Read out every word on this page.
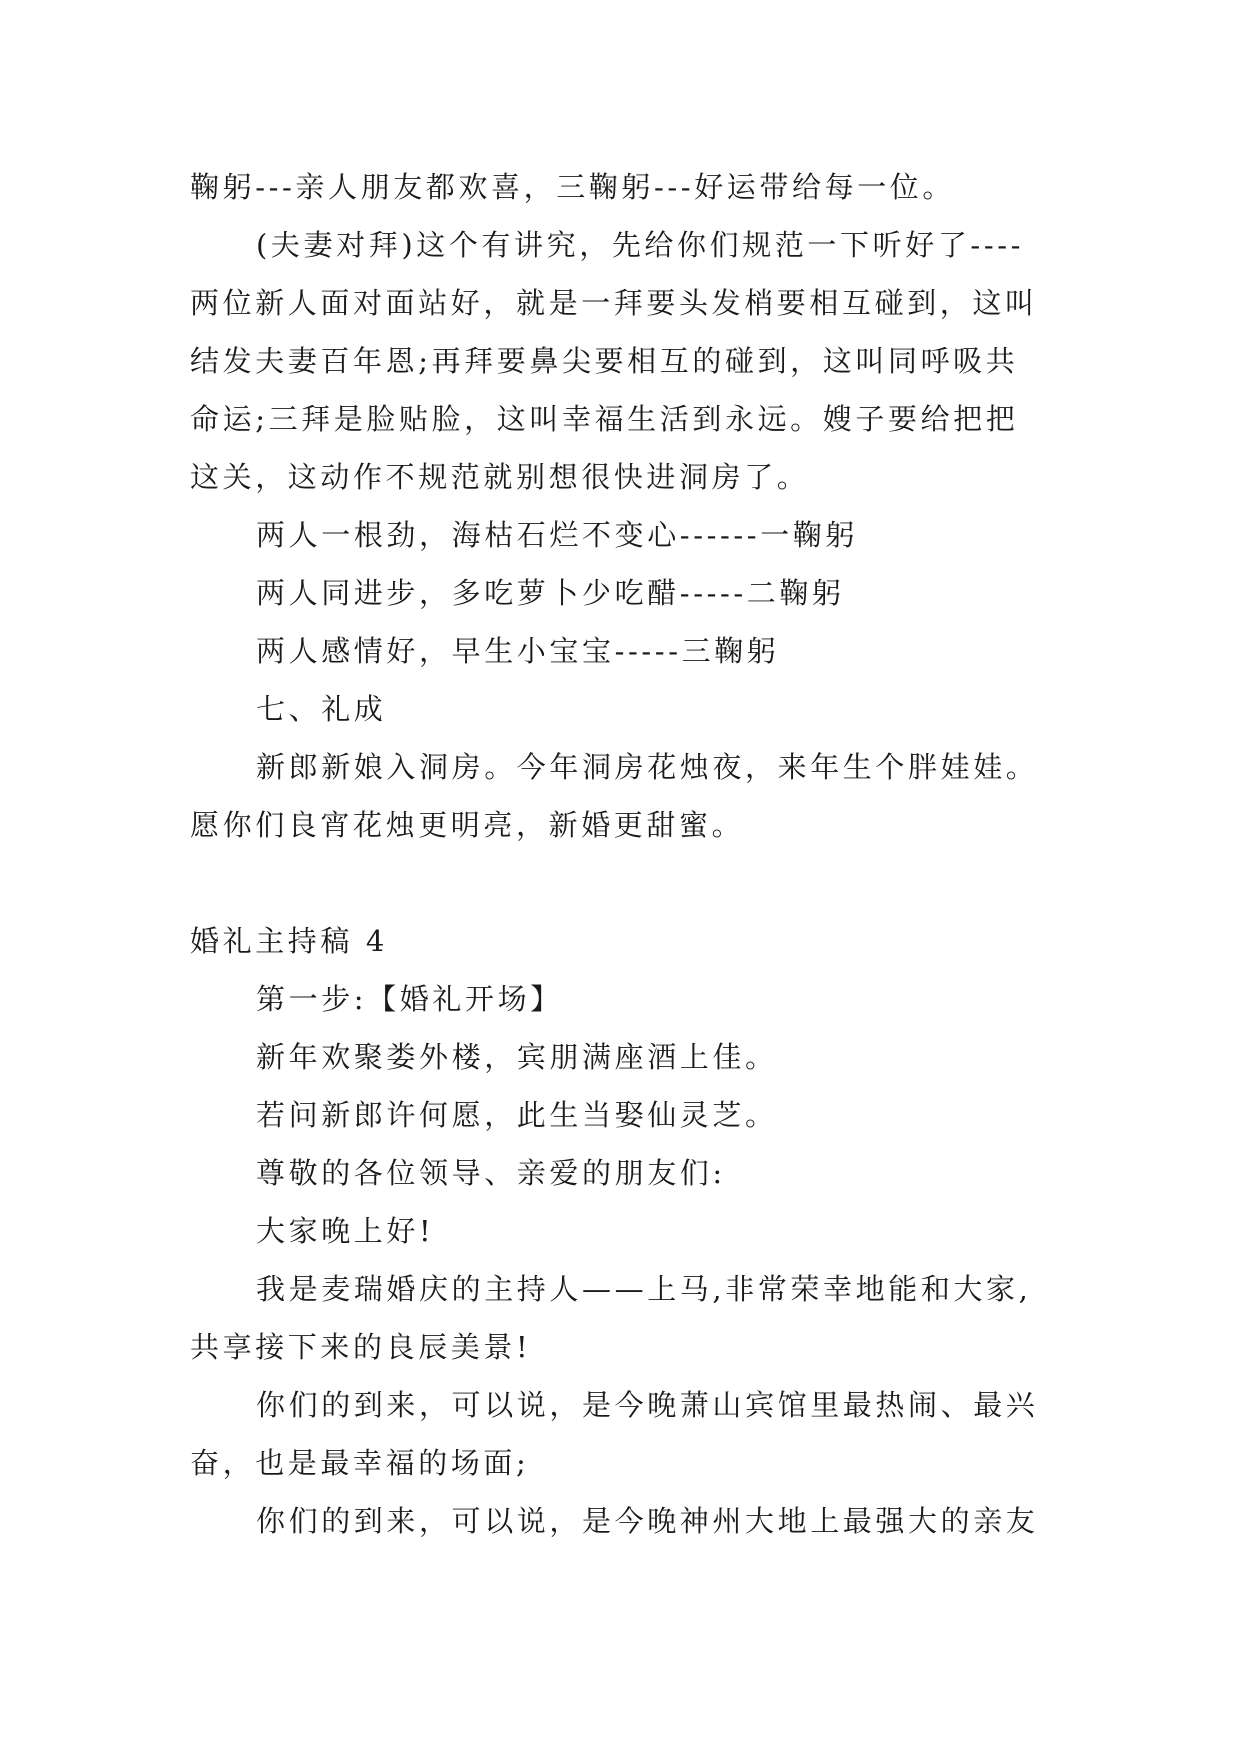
鞠躬---亲人朋友都欢喜，三鞠躬---好运带给每一位。
(夫妻对拜)这个有讲究，先给你们规范一下听好了----
两位新人面对面站好，就是一拜要头发梢要相互碰到，这叫
结发夫妻百年恩;再拜要鼻尖要相互的碰到，这叫同呼吸共
命运;三拜是脸贴脸，这叫幸福生活到永远。嫂子要给把把
这关，这动作不规范就别想很快进洞房了。
两人一根劲，海枯石烂不变心------一鞠躬
两人同进步，多吃萝卜少吃醋-----二鞠躬
两人感情好，早生小宝宝-----三鞠躬
七、礼成
新郎新娘入洞房。今年洞房花烛夜，来年生个胖娃娃。
愿你们良宵花烛更明亮，新婚更甜蜜。
婚礼主持稿 4
第一步:【婚礼开场】
新年欢聚娄外楼，宾朋满座酒上佳。
若问新郎许何愿，此生当娶仙灵芝。
尊敬的各位领导、亲爱的朋友们:
大家晚上好!
我是麦瑞婚庆的主持人——上马,非常荣幸地能和大家,
共享接下来的良辰美景!
你们的到来，可以说，是今晚萧山宾馆里最热闹、最兴
奋，也是最幸福的场面;
你们的到来，可以说，是今晚神州大地上最强大的亲友
